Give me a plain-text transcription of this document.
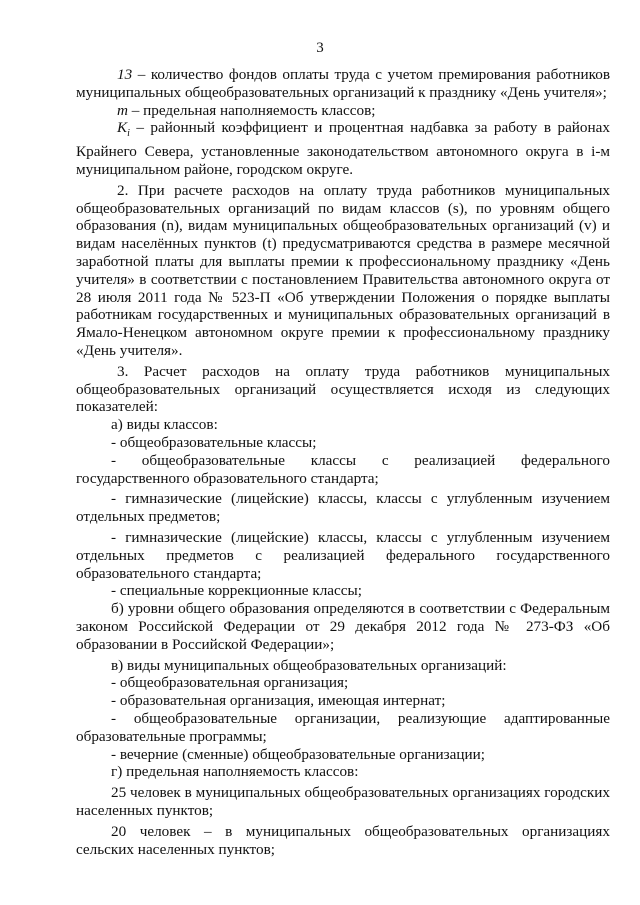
3

13 – количество фондов оплаты труда с учетом премирования работников муниципальных общеобразовательных организаций к празднику «День учителя»;

m – предельная наполняемость классов;

$K_i$ – районный коэффициент и процентная надбавка за работу в районах Крайнего Севера, установленные законодательством автономного округа в i-м муниципальном районе, городском округе.

2. При расчете расходов на оплату труда работников муниципальных общеобразовательных организаций по видам классов (s), по уровням общего образования (n), видам муниципальных общеобразовательных организаций (v) и видам населённых пунктов (t) предусматриваются средства в размере месячной заработной платы для выплаты премии к профессиональному празднику «День учителя» в соответствии с постановлением Правительства автономного округа от 28 июля 2011 года № 523-П «Об утверждении Положения о порядке выплаты работникам государственных и муниципальных образовательных организаций в Ямало-Ненецком автономном округе премии к профессиональному празднику «День учителя».

3. Расчет расходов на оплату труда работников муниципальных общеобразовательных организаций осуществляется исходя из следующих показателей:

а) виды классов:

- общеобразовательные классы;

- общеобразовательные классы с реализацией федерального государственного образовательного стандарта;

- гимназические (лицейские) классы, классы с углубленным изучением отдельных предметов;

- гимназические (лицейские) классы, классы с углубленным изучением отдельных предметов с реализацией федерального государственного образовательного стандарта;

- специальные коррекционные классы;

б) уровни общего образования определяются в соответствии с Федеральным законом Российской Федерации от 29 декабря 2012 года № 273-ФЗ «Об образовании в Российской Федерации»;

в) виды муниципальных общеобразовательных организаций:

- общеобразовательная организация;

- образовательная организация, имеющая интернат;

- общеобразовательные организации, реализующие адаптированные образовательные программы;

- вечерние (сменные) общеобразовательные организации;

г) предельная наполняемость классов:

25 человек в муниципальных общеобразовательных организациях городских населенных пунктов;

20 человек – в муниципальных общеобразовательных организациях сельских населенных пунктов;
